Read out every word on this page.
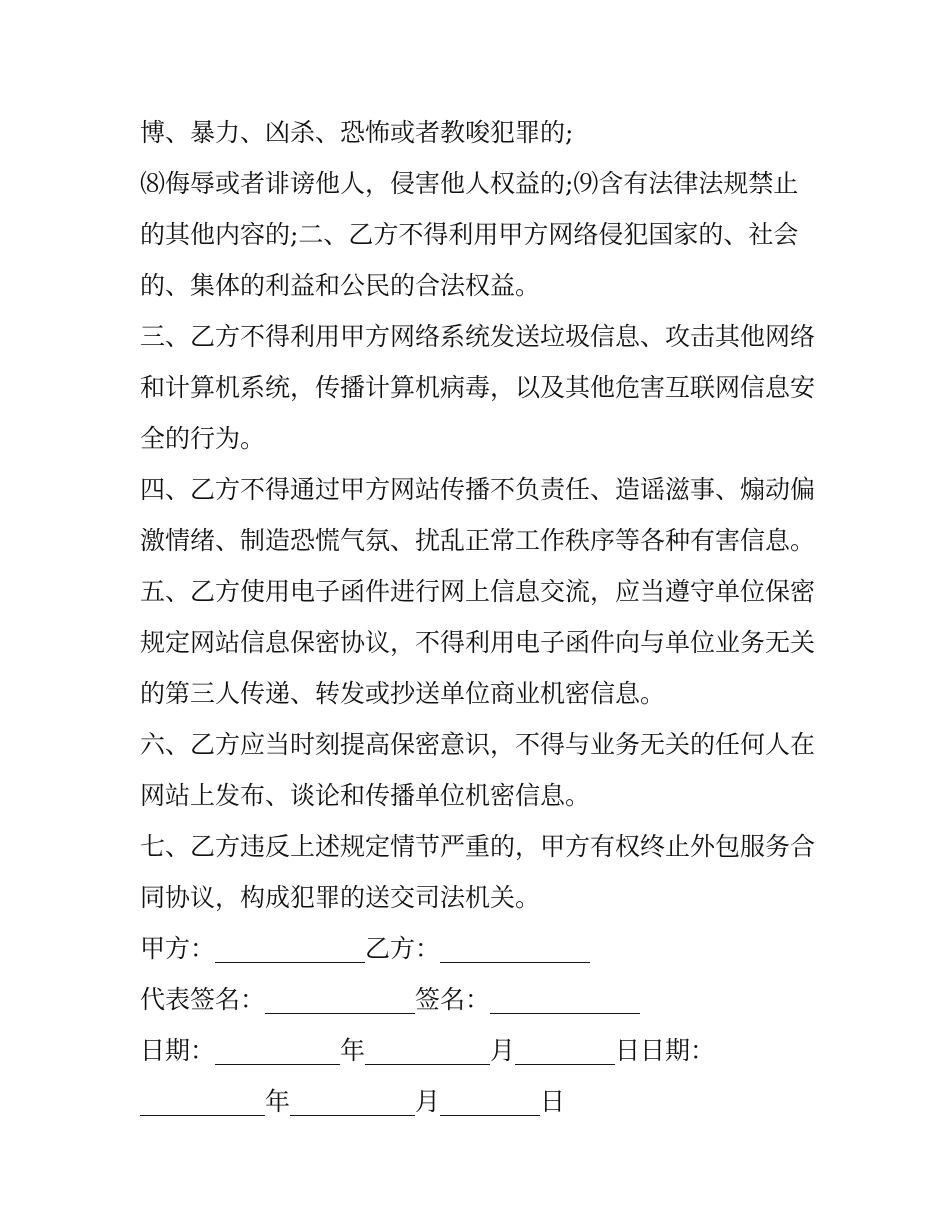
博、暴力、凶杀、恐怖或者教唆犯罪的;
⑻侮辱或者诽谤他人，侵害他人权益的;⑼含有法律法规禁止
的其他内容的;二、乙方不得利用甲方网络侵犯国家的、社会
的、集体的利益和公民的合法权益。
三、乙方不得利用甲方网络系统发送垃圾信息、攻击其他网络
和计算机系统，传播计算机病毒，以及其他危害互联网信息安
全的行为。
四、乙方不得通过甲方网站传播不负责任、造谣滋事、煽动偏
激情绪、制造恐慌气氛、扰乱正常工作秩序等各种有害信息。
五、乙方使用电子函件进行网上信息交流，应当遵守单位保密
规定网站信息保密协议，不得利用电子函件向与单位业务无关
的第三人传递、转发或抄送单位商业机密信息。
六、乙方应当时刻提高保密意识，不得与业务无关的任何人在
网站上发布、谈论和传播单位机密信息。
七、乙方违反上述规定情节严重的，甲方有权终止外包服务合
同协议，构成犯罪的送交司法机关。
甲方：____________乙方：____________
代表签名：____________签名：____________
日期：__________年__________月________日日期：
__________年__________月________日
